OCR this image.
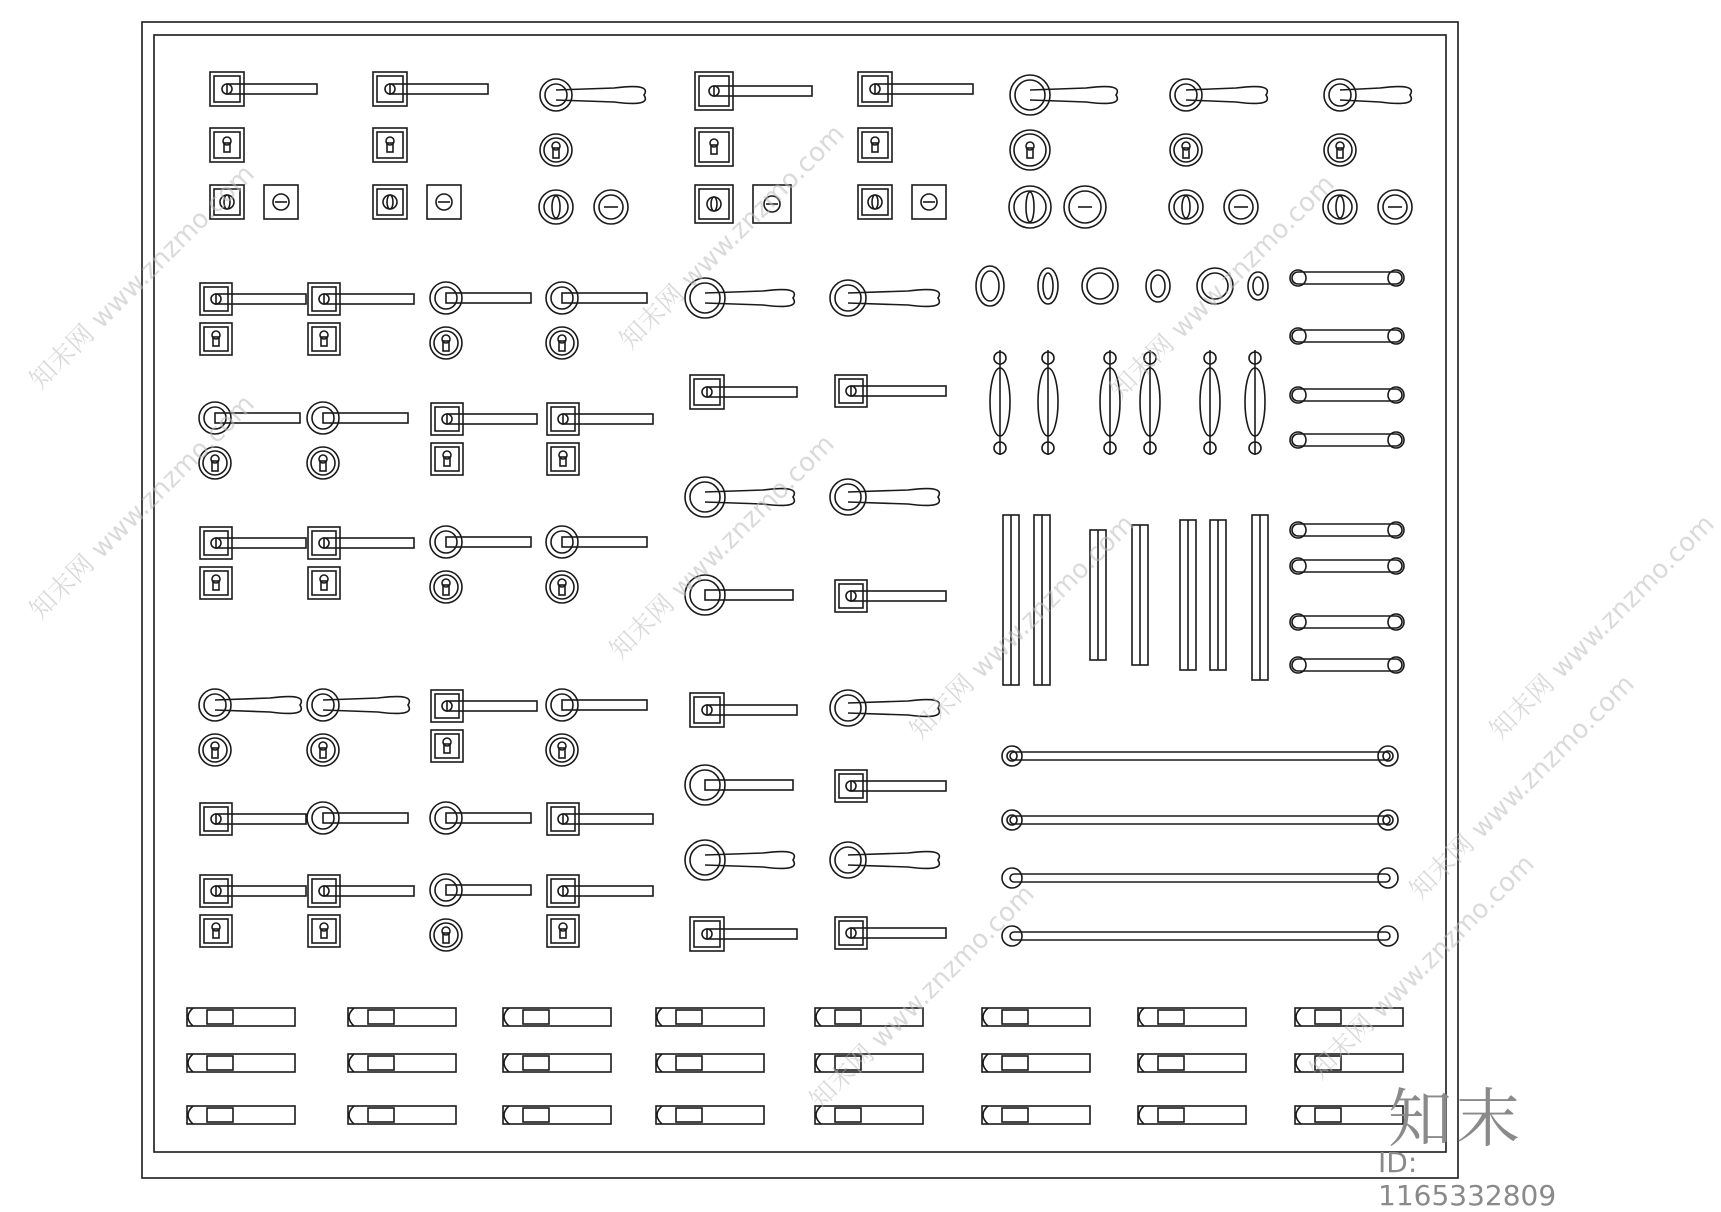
知末网 www.znzmo.com
知末网 www.znzmo.com
知末网 www.znzmo.com
知末网 www.znzmo.com
知末网 www.znzmo.com
知末网 www.znzmo.com
知末网 www.znzmo.com
知末网 www.znzmo.com
知末网 www.znzmo.com
知末网 www.znzmo.com
知末
ID: 1165332809
